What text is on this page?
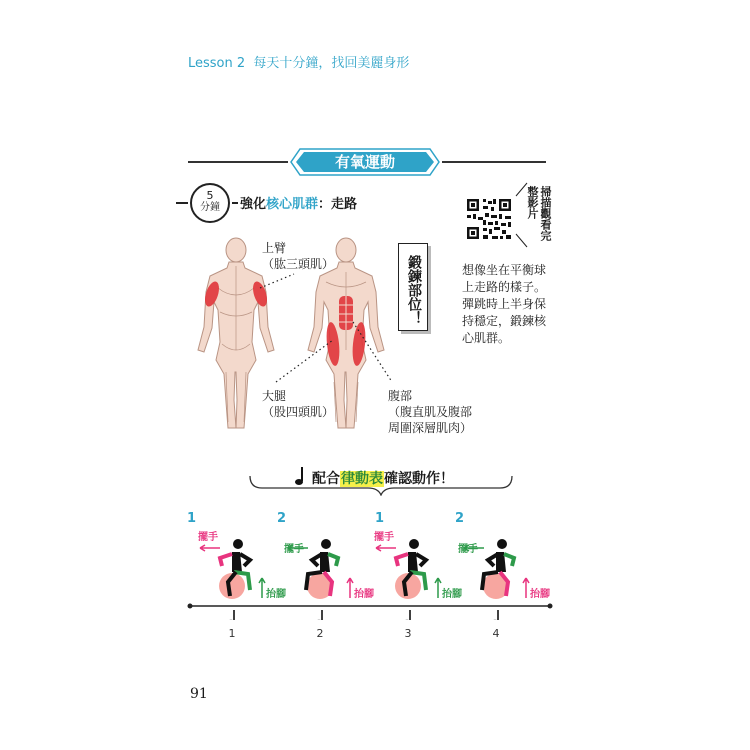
Lesson 2 每天十分鐘，找回美麗身形
有氧運動
5
分鐘	強化核心肌群：走路	掃描觀看完整影片
上臂
（肱三頭肌）
大腿
（股四頭肌）
腹部
（腹直肌及腹部
周圍深層肌肉）
鍛鍊部位！	想像坐在平衡球上走路的樣子。彈跳時上半身保持穩定，鍛鍊核心肌群。
配合律動表確認動作！
1	2	1	2
擺手
擺手
擺手
擺手
抬腳	抬腳	抬腳	抬腳
1	2	3	4
91
